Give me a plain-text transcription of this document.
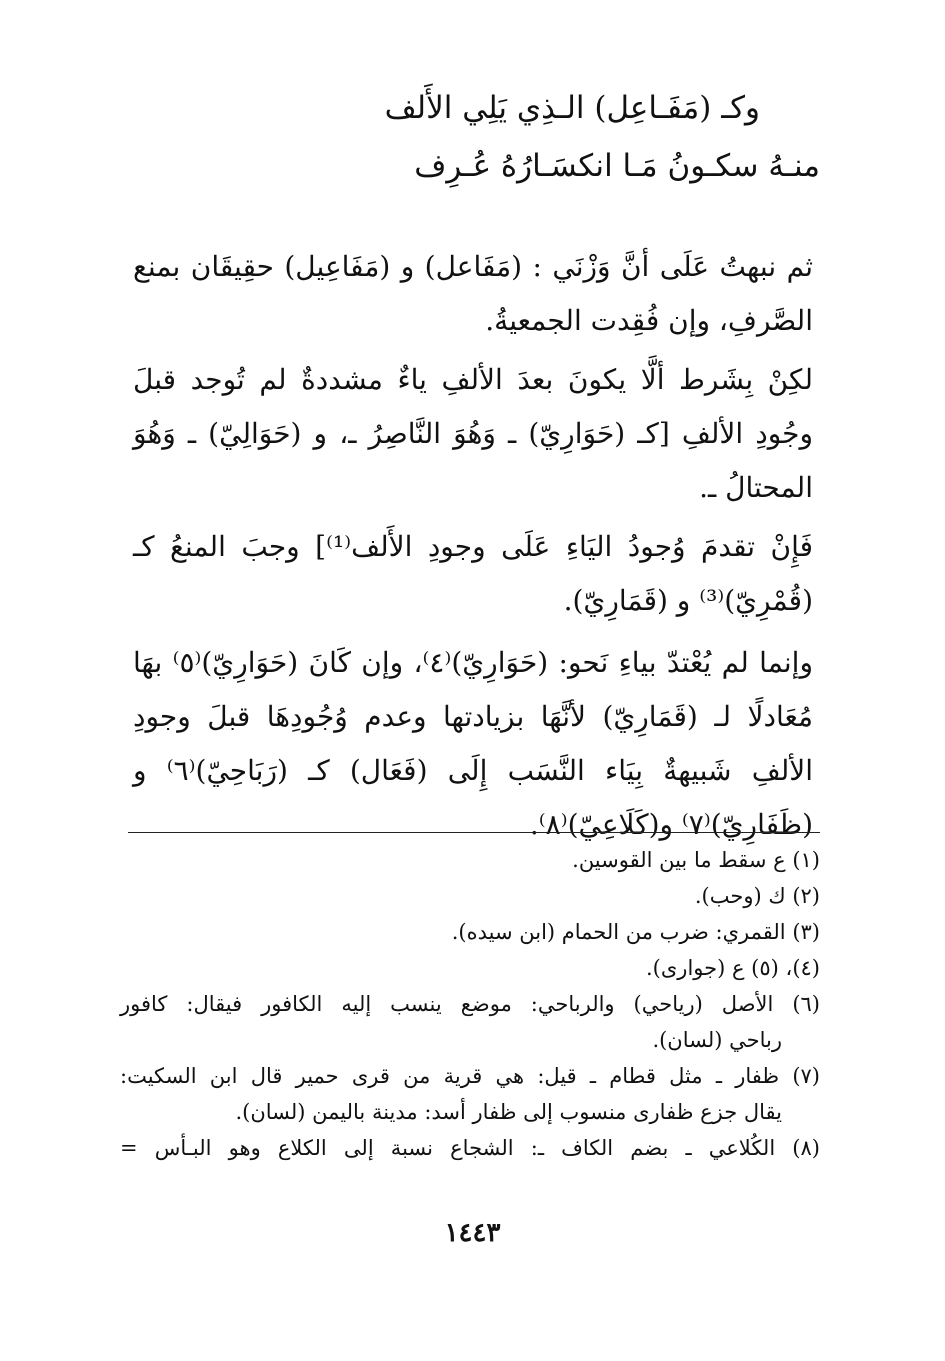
وكـ (مَفَـاعِل) الـذِي يَلِي الأَلف
منـهُ سكـونُ مَـا انكسَـارُهُ عُـرِف

ثم نبهتُ عَلَى أنَّ وَزْنَي : (مَفَاعل) و (مَفَاعِيل) حقِيقَان بمنع الصَّرفِ، وإن فُقِدت الجمعيةُ.

لكِنْ بِشَرط ألَّا يكونَ بعدَ الألفِ ياءٌ مشددةٌ لم تُوجد قبلَ وجُودِ الألفِ [كـ (حَوَارِيّ) ـ وَهُوَ النَّاصِرُ ـ، و (حَوَالِيّ) ـ وَهُوَ المحتالُ ـ.

فَإِنْ تقدمَ وُجودُ اليَاءِ عَلَى وجودِ الأَلف⁽¹⁾] وجبَ المنعُ كـ (قُمْرِيّ)⁽³⁾ و (قَمَارِيّ).

وإنما لم يُعْتدّ بياءِ نَحو: (حَوَارِيّ)⁽٤⁾، وإن كَانَ (حَوَارِيّ)⁽٥⁾ بهَا مُعَادلًا لـ (قَمَارِيّ) لأنَّهَا بزيادتها وعدم وُجُودِهَا قبلَ وجودِ الألفِ شَبيهةٌ بِيَاء النَّسَب إِلَى (فَعَال) كـ (رَبَاحِيّ)⁽٦⁾ و (ظَفَارِيّ)⁽٧⁾ و(كَلَاعِيّ)⁽٨⁾.

(١) ع سقط ما بين القوسين.

(٢) ك (وحب).

(٣) القمري: ضرب من الحمام (ابن سيده).

(٤)، (٥) ع (جوارى).

(٦) الأصل (رياحي) والرباحي: موضع ينسب إليه الكافور فيقال: كافور

رباحي (لسان).

(٧) ظفار ـ مثل قطام ـ قيل: هي قرية من قرى حمير قال ابن السكيت:

يقال جزع ظفارى منسوب إلى ظفار أسد: مدينة باليمن (لسان).

(٨) الكُلاعي ـ بضم الكاف ـ: الشجاع نسبة إلى الكلاع وهو البـأس =

١٤٤٣
